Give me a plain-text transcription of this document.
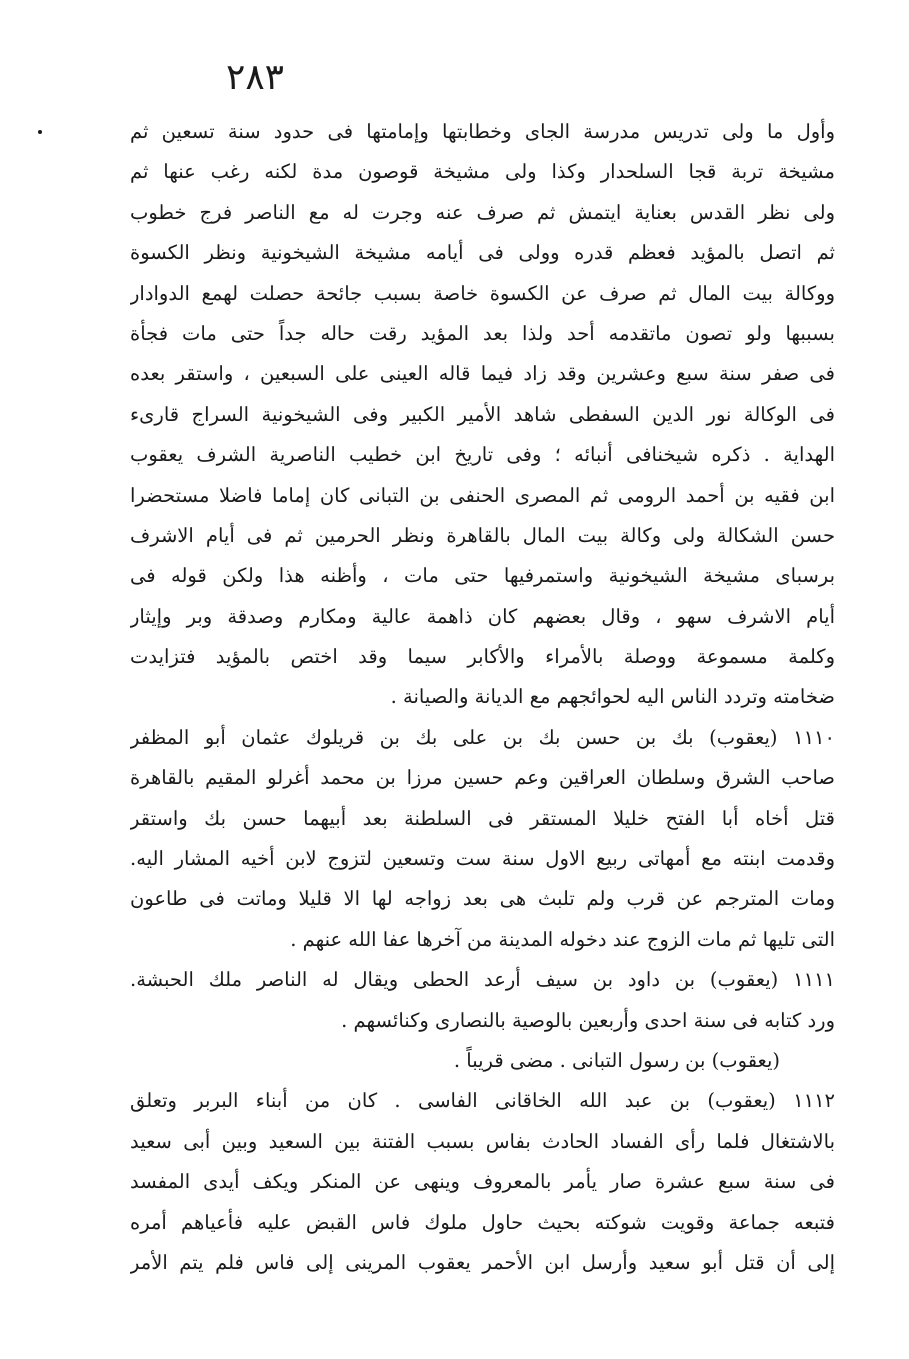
٢٨٣
وأول ما ولى تدريس مدرسة الجاى وخطابتها وإمامتها فى حدود سنة تسعين ثم
مشيخة تربة قجا السلحدار وكذا ولى مشيخة قوصون مدة لكنه رغب عنها ثم
ولى نظر القدس بعناية ايتمش ثم صرف عنه وجرت له مع الناصر فرج خطوب
ثم اتصل بالمؤيد فعظم قدره وولى فى أيامه مشيخة الشيخونية ونظر الكسوة
ووكالة بيت المال ثم صرف عن الكسوة خاصة بسبب جائحة حصلت لهمع الدوادار
بسببها ولو تصون ماتقدمه أحد ولذا بعد المؤيد رقت حاله جداً حتى مات فجأة
فى صفر سنة سبع وعشرين وقد زاد فيما قاله العينى على السبعين ، واستقر بعده
فى الوكالة نور الدين السفطى شاهد الأمير الكبير وفى الشيخونية السراج قارىء
الهداية . ذكره شيخنافى أنبائه ؛ وفى تاريخ ابن خطيب الناصرية الشرف يعقوب
ابن فقيه بن أحمد الرومى ثم المصرى الحنفى بن التبانى كان إماما فاضلا مستحضرا
حسن الشكالة ولى وكالة بيت المال بالقاهرة ونظر الحرمين ثم فى أيام الاشرف
برسباى مشيخة الشيخونية واستمرفيها حتى مات ، وأظنه هذا ولكن قوله فى
أيام الاشرف سهو ، وقال بعضهم كان ذاهمة عالية ومكارم وصدقة وبر وإيثار
وكلمة مسموعة ووصلة بالأمراء والأكابر سيما وقد اختص بالمؤيد فتزايدت
ضخامته وتردد الناس اليه لحوائجهم مع الديانة والصيانة .
١١١٠ (يعقوب) بك بن حسن بك بن على بك بن قريلوك عثمان أبو المظفر
صاحب الشرق وسلطان العراقين وعم حسين مرزا بن محمد أغرلو المقيم بالقاهرة
قتل أخاه أبا الفتح خليلا المستقر فى السلطنة بعد أبيهما حسن بك واستقر
وقدمت ابنته مع أمهاتى ربيع الاول سنة ست وتسعين لتزوج لابن أخيه المشار اليه.
ومات المترجم عن قرب ولم تلبث هى بعد زواجه لها الا قليلا وماتت فى طاعون
التى تليها ثم مات الزوج عند دخوله المدينة من آخرها عفا الله عنهم .
١١١١ (يعقوب) بن داود بن سيف أرعد الحطى ويقال له الناصر ملك الحبشة.
ورد كتابه فى سنة احدى وأربعين بالوصية بالنصارى وكنائسهم .
(يعقوب) بن رسول التبانى . مضى قريباً .
١١١٢ (يعقوب) بن عبد الله الخاقانى الفاسى . كان من أبناء البربر وتعلق
بالاشتغال فلما رأى الفساد الحادث بفاس بسبب الفتنة بين السعيد وبين أبى سعيد
فى سنة سبع عشرة صار يأمر بالمعروف وينهى عن المنكر ويكف أيدى المفسد
فتبعه جماعة وقويت شوكته بحيث حاول ملوك فاس القبض عليه فأعياهم أمره
إلى أن قتل أبو سعيد وأرسل ابن الأحمر يعقوب المرينى إلى فاس فلم يتم الأمر
